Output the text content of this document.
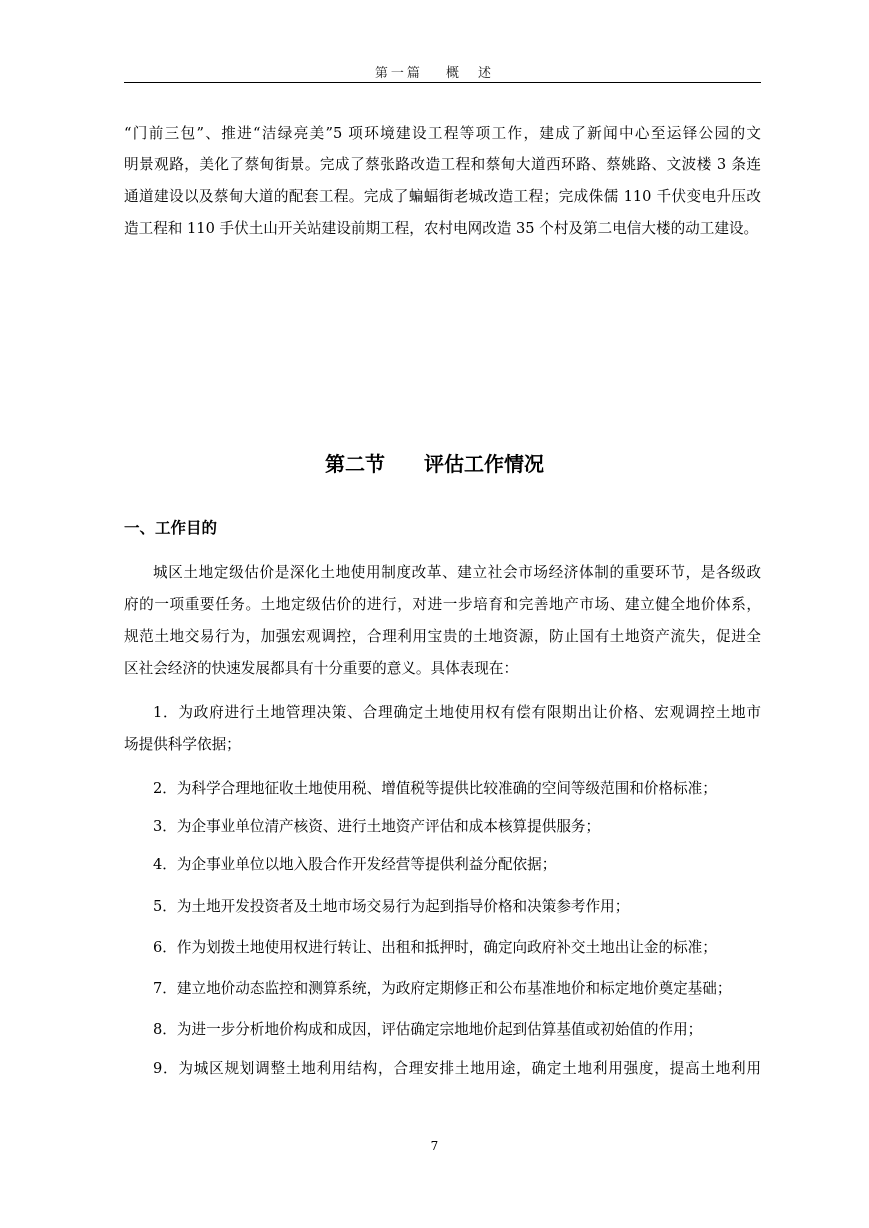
第一篇　 概　述
“门前三包”、推进“洁绿亮美”5 项环境建设工程等项工作，建成了新闻中心至运铎公园的文
明景观路，美化了蔡甸街景。完成了蔡张路改造工程和蔡甸大道西环路、蔡姚路、文波楼 3 条连
通道建设以及蔡甸大道的配套工程。完成了蝙蝠街老城改造工程；完成侏儒 110 千伏变电升压改
造工程和 110 手伏土山开关站建设前期工程，农村电网改造 35 个村及第二电信大楼的动工建设。
第二节　 评估工作情况
一、工作目的
城区土地定级估价是深化土地使用制度改革、建立社会市场经济体制的重要环节，是各级政
府的一项重要任务。土地定级估价的进行，对进一步培育和完善地产市场、建立健全地价体系，
规范土地交易行为，加强宏观调控，合理利用宝贵的土地资源，防止国有土地资产流失，促进全
区社会经济的快速发展都具有十分重要的意义。具体表现在：
1．为政府进行土地管理决策、合理确定土地使用权有偿有限期出让价格、宏观调控土地市
场提供科学依据；
2．为科学合理地征收土地使用税、增值税等提供比较准确的空间等级范围和价格标准；
3．为企事业单位清产核资、进行土地资产评估和成本核算提供服务；
4．为企事业单位以地入股合作开发经营等提供利益分配依据；
5．为土地开发投资者及土地市场交易行为起到指导价格和决策参考作用；
6．作为划拨土地使用权进行转让、出租和抵押时，确定向政府补交土地出让金的标准；
7．建立地价动态监控和测算系统，为政府定期修正和公布基准地价和标定地价奠定基础；
8．为进一步分析地价构成和成因，评估确定宗地地价起到估算基值或初始值的作用；
9．为城区规划调整土地利用结构，合理安排土地用途，确定土地利用强度，提高土地利用
7
